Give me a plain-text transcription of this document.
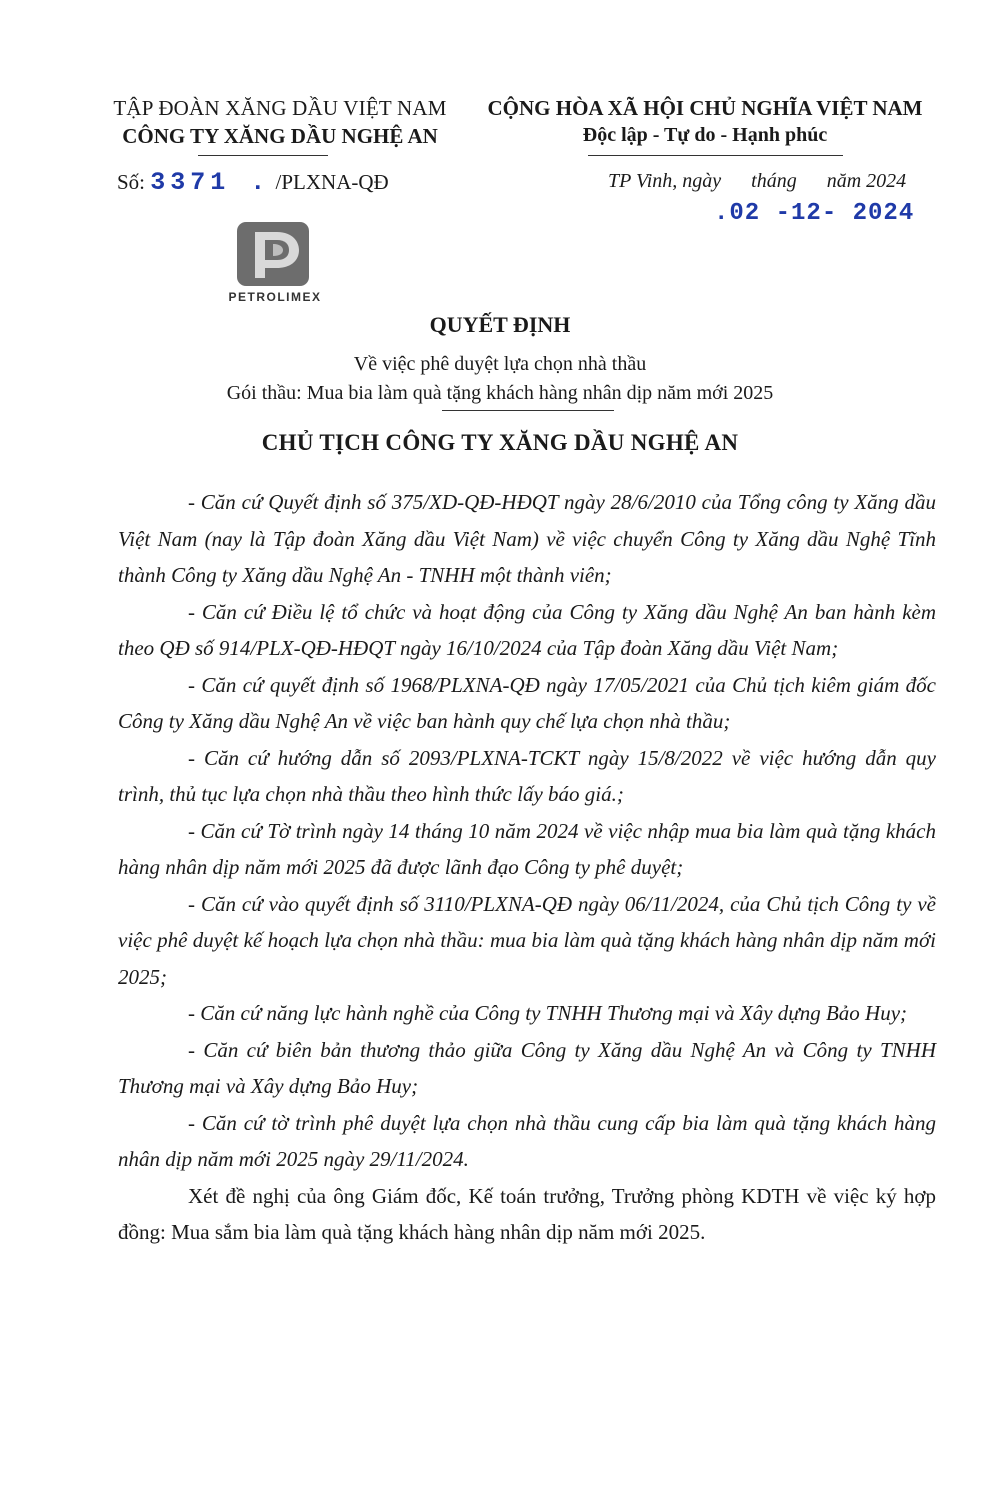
TẬP ĐOÀN XĂNG DẦU VIỆT NAM
CÔNG TY XĂNG DẦU NGHỆ AN
CỘNG HÒA XÃ HỘI CHỦ NGHĨA VIỆT NAM
Độc lập - Tự do - Hạnh phúc
Số: 3371 . /PLXNA-QĐ	TP Vinh, ngày      tháng      năm 2024
.02 -12- 2024
PETROLIMEX
QUYẾT ĐỊNH
Về việc phê duyệt lựa chọn nhà thầu
Gói thầu: Mua bia làm quà tặng khách hàng nhân dịp năm mới 2025
CHỦ TỊCH CÔNG TY XĂNG DẦU NGHỆ AN

- Căn cứ Quyết định số 375/XD-QĐ-HĐQT ngày 28/6/2010 của Tổng công ty Xăng dầu Việt Nam (nay là Tập đoàn Xăng dầu Việt Nam) về việc chuyển Công ty Xăng dầu Nghệ Tĩnh thành Công ty Xăng dầu Nghệ An - TNHH một thành viên;

- Căn cứ Điều lệ tổ chức và hoạt động của Công ty Xăng dầu Nghệ An ban hành kèm theo QĐ số 914/PLX-QĐ-HĐQT ngày 16/10/2024 của Tập đoàn Xăng dầu Việt Nam;

- Căn cứ quyết định số 1968/PLXNA-QĐ ngày 17/05/2021 của Chủ tịch kiêm giám đốc Công ty Xăng dầu Nghệ An về việc ban hành quy chế lựa chọn nhà thầu;

- Căn cứ hướng dẫn số 2093/PLXNA-TCKT ngày 15/8/2022 về việc hướng dẫn quy trình, thủ tục lựa chọn nhà thầu theo hình thức lấy báo giá.;

- Căn cứ Tờ trình ngày 14 tháng 10 năm 2024 về việc nhập mua bia làm quà tặng khách hàng nhân dịp năm mới 2025 đã được lãnh đạo Công ty phê duyệt;

- Căn cứ vào quyết định số 3110/PLXNA-QĐ ngày 06/11/2024, của Chủ tịch Công ty về việc phê duyệt kế hoạch lựa chọn nhà thầu: mua bia làm quà tặng khách hàng nhân dịp năm mới 2025;

- Căn cứ năng lực hành nghề của Công ty TNHH Thương mại và Xây dựng Bảo Huy;

- Căn cứ biên bản thương thảo giữa Công ty Xăng dầu Nghệ An và Công ty TNHH Thương mại và Xây dựng Bảo Huy;

- Căn cứ tờ trình phê duyệt lựa chọn nhà thầu cung cấp bia làm quà tặng khách hàng nhân dịp năm mới 2025 ngày 29/11/2024.

Xét đề nghị của ông Giám đốc, Kế toán trưởng, Trưởng phòng KDTH về việc ký hợp đồng: Mua sắm bia làm quà tặng khách hàng nhân dịp năm mới 2025.
